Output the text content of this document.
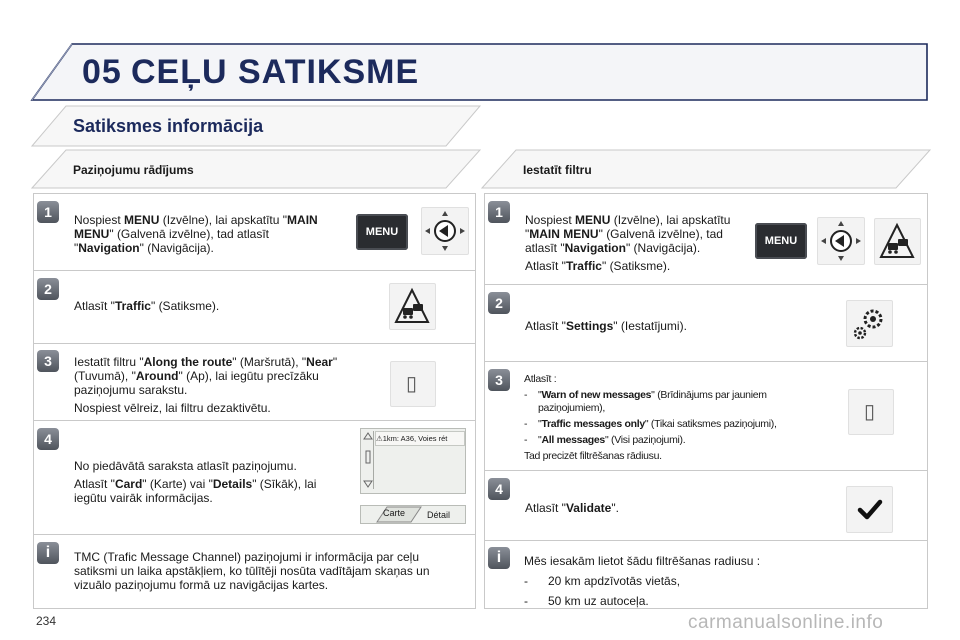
05 CEĻU SATIKSME
Satiksmes informācija
Paziņojumu rādījums	Iestatīt filtru
1	Nospiest MENU (Izvēlne), lai apskatītu "MAIN MENU" (Galvenā izvēlne), tad atlasīt "Navigation" (Navigācija).
MENU
2
Atlasīt "Traffic" (Satiksme).
3	Iestatīt filtru "Along the route" (Maršrutā), "Near" (Tuvumā), "Around" (Ap), lai iegūtu precīzāku paziņojumu sarakstu.

Nospiest vēlreiz, lai filtru dezaktivētu.

▯
4

No piedāvātā saraksta atlasīt paziņojumu.

Atlasīt "Card" (Karte) vai "Details" (Sīkāk), lai iegūtu vairāk informācijas.

⚠1km: A36, Voies rét
Carte Détail
i	TMC (Trafic Message Channel) paziņojumi ir informācija par ceļu satiksmi un laika apstākļiem, ko tūlītēji nosūta vadītājam skaņas un vizuālo paziņojumu formā uz navigācijas kartes.
1	Nospiest MENU (Izvēlne), lai apskatītu "MAIN MENU" (Galvenā izvēlne), tad atlasīt "Navigation" (Navigācija).

Atlasīt "Traffic" (Satiksme).

MENU
2
Atlasīt "Settings" (Iestatījumi).
3	Atlasīt :
-	"Warn of new messages" (Brīdinājums par jauniem paziņojumiem),
-	"Traffic messages only" (Tikai satiksmes paziņojumi),
-	"All messages" (Visi paziņojumi).
Tad precizēt filtrēšanas rādiusu.
▯
4
Atlasīt "Validate".
i	Mēs iesakām lietot šādu filtrēšanas radiusu :

-	20 km apdzīvotās vietās,
-	50 km uz autoceļa.
234	carmanualsonline.info
